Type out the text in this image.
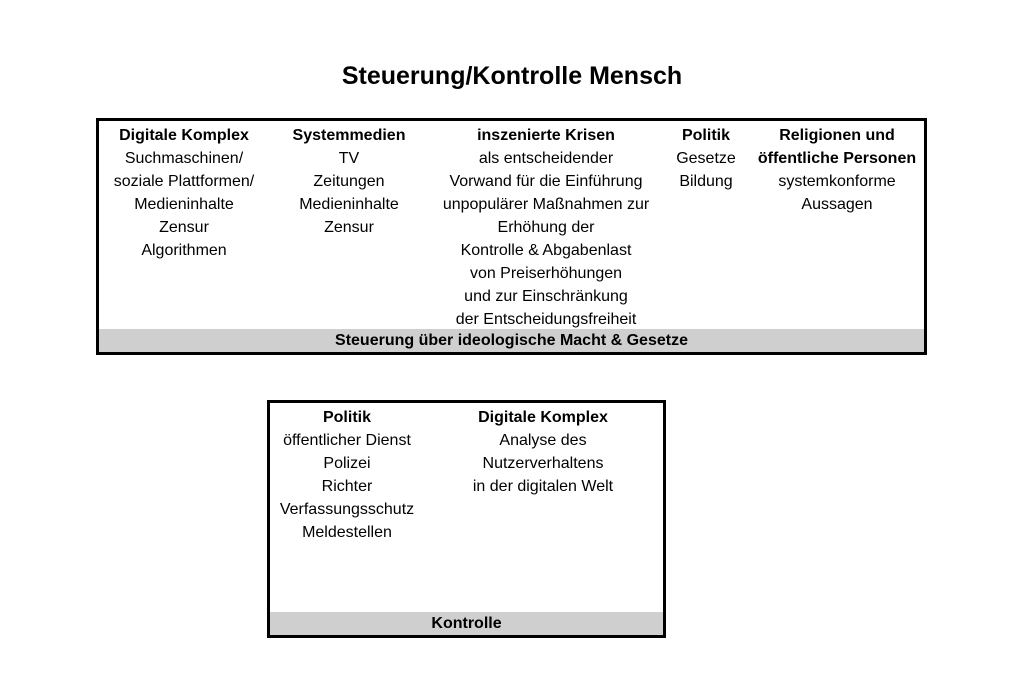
Steuerung/Kontrolle Mensch
Digitale Komplex
Suchmaschinen/
soziale Plattformen/
Medieninhalte
Zensur
Algorithmen
Systemmedien
TV
Zeitungen
Medieninhalte
Zensur
inszenierte Krisen
als entscheidender
Vorwand für die Einführung
unpopulärer Maßnahmen zur
Erhöhung der
Kontrolle & Abgabenlast
von Preiserhöhungen
und zur Einschränkung
der Entscheidungsfreiheit
Politik
Gesetze
Bildung
Religionen und
öffentliche Personen
systemkonforme
Aussagen
Steuerung über ideologische Macht & Gesetze
Politik
öffentlicher Dienst
Polizei
Richter
Verfassungsschutz
Meldestellen
Digitale Komplex
Analyse des
Nutzerverhaltens
in der digitalen Welt
Kontrolle
